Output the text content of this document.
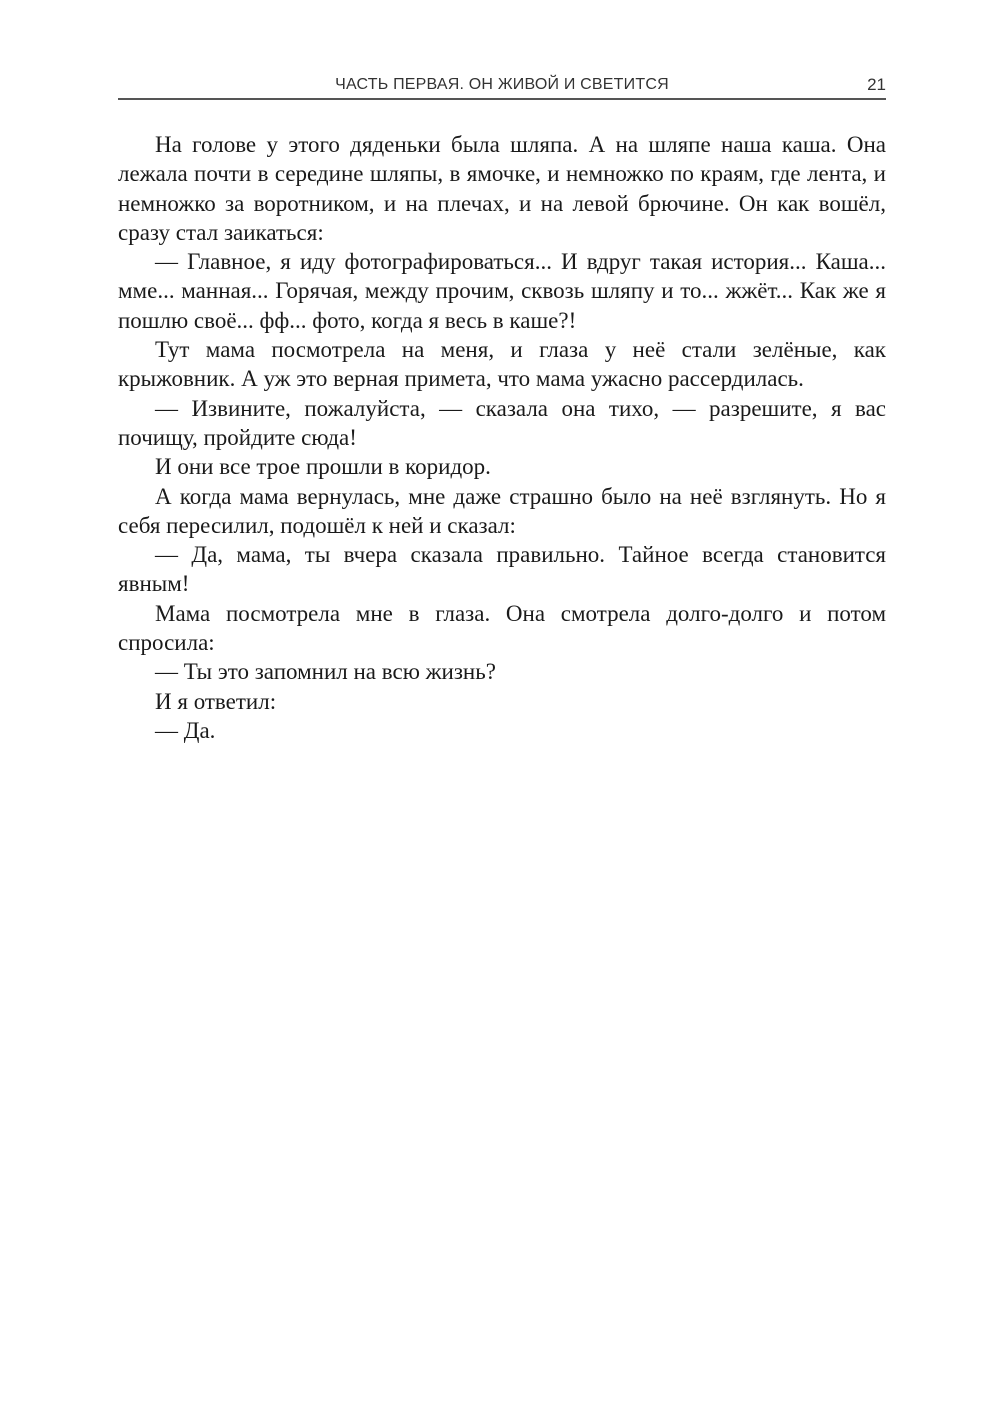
ЧАСТЬ ПЕРВАЯ. ОН ЖИВОЙ И СВЕТИТСЯ	21

На голове у этого дяденьки была шляпа. А на шляпе наша каша. Она лежала почти в середине шляпы, в ямочке, и немножко по краям, где лента, и немножко за воротником, и на плечах, и на левой брючине. Он как вошёл, сразу стал заикаться:

— Главное, я иду фотографироваться... И вдруг такая история... Каша... мме... манная... Горячая, между прочим, сквозь шляпу и то... жжёт... Как же я пошлю своё... фф... фото, когда я весь в каше?!

Тут мама посмотрела на меня, и глаза у неё стали зелёные, как крыжовник. А уж это верная примета, что мама ужасно рассердилась.

— Извините, пожалуйста, — сказала она тихо, — разрешите, я вас почищу, пройдите сюда!

И они все трое прошли в коридор.

А когда мама вернулась, мне даже страшно было на неё взглянуть. Но я себя пересилил, подошёл к ней и сказал:

— Да, мама, ты вчера сказала правильно. Тайное всегда становится явным!

Мама посмотрела мне в глаза. Она смотрела долго-долго и потом спросила:

— Ты это запомнил на всю жизнь?

И я ответил:

— Да.
